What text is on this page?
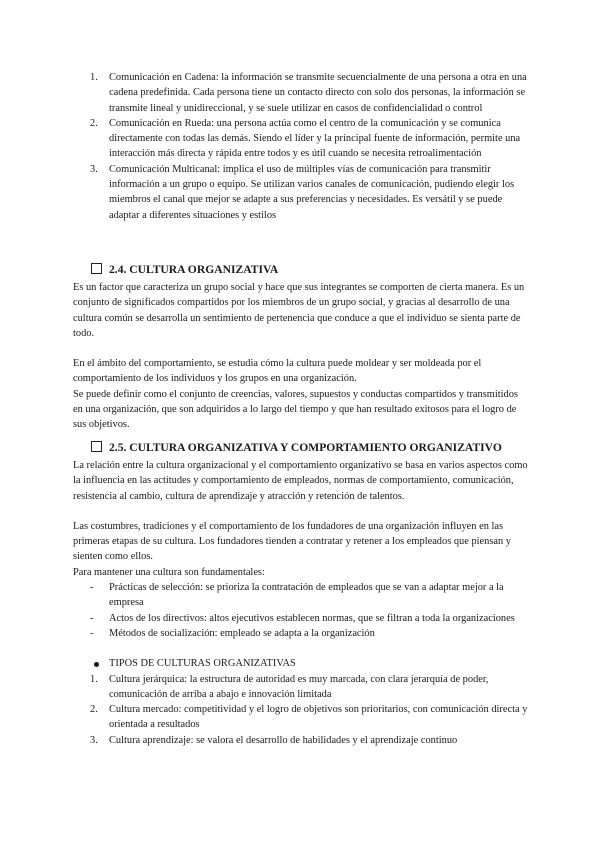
1. Comunicación en Cadena: la información se transmite secuencialmente de una persona a otra en una cadena predefinida. Cada persona tiene un contacto directo con solo dos personas, la información se transmite lineal y unidireccional, y se suele utilizar en casos de confidencialidad o control
2. Comunicación en Rueda: una persona actúa como el centro de la comunicación y se comunica directamente con todas las demás. Siendo el líder y la principal fuente de información, permite una interacción más directa y rápida entre todos y es útil cuando se necesita retroalimentación
3. Comunicación Multicanal: implica el uso de múltiples vías de comunicación para transmitir información a un grupo o equipo. Se utilizan varios canales de comunicación, pudiendo elegir los miembros el canal que mejor se adapte a sus preferencias y necesidades. Es versátil y se puede adaptar a diferentes situaciones y estilos
2.4. CULTURA ORGANIZATIVA

Es un factor que caracteriza un grupo social y hace que sus integrantes se comporten de cierta manera. Es un conjunto de significados compartidos por los miembros de un grupo social, y gracias al desarrollo de una cultura común se desarrolla un sentimiento de pertenencia que conduce a que el individuo se sienta parte de todo.

En el ámbito del comportamiento, se estudia cómo la cultura puede moldear y ser moldeada por el comportamiento de los individuos y los grupos en una organización.

Se puede definir como el conjunto de creencias, valores, supuestos y conductas compartidos y transmitidos en una organización, que son adquiridos a lo largo del tiempo y que han resultado exitosos para el logro de sus objetivos.

2.5. CULTURA ORGANIZATIVA Y COMPORTAMIENTO ORGANIZATIVO

La relación entre la cultura organizacional y el comportamiento organizativo se basa en varios aspectos como la influencia en las actitudes y comportamiento de empleados, normas de comportamiento, comunicación, resistencia al cambio, cultura de aprendizaje y atracción y retención de talentos.

Las costumbres, tradiciones y el comportamiento de los fundadores de una organización influyen en las primeras etapas de su cultura. Los fundadores tienden a contratar y retener a los empleados que piensan y sienten como ellos.

Para mantener una cultura son fundamentales:

- Prácticas de selección: se prioriza la contratación de empleados que se van a adaptar mejor a la empresa
- Actos de los directivos: altos ejecutivos establecen normas, que se filtran a toda la organizaciones
- Métodos de socialización: empleado se adapta a la organización
TIPOS DE CULTURAS ORGANIZATIVAS
1. Cultura jerárquica: la estructura de autoridad es muy marcada, con clara jerarquía de poder, comunicación de arriba a abajo e innovación limitada
2. Cultura mercado: competitividad y el logro de objetivos son prioritarios, con comunicación directa y orientada a resultados
3. Cultura aprendizaje: se valora el desarrollo de habilidades y el aprendizaje continuo
